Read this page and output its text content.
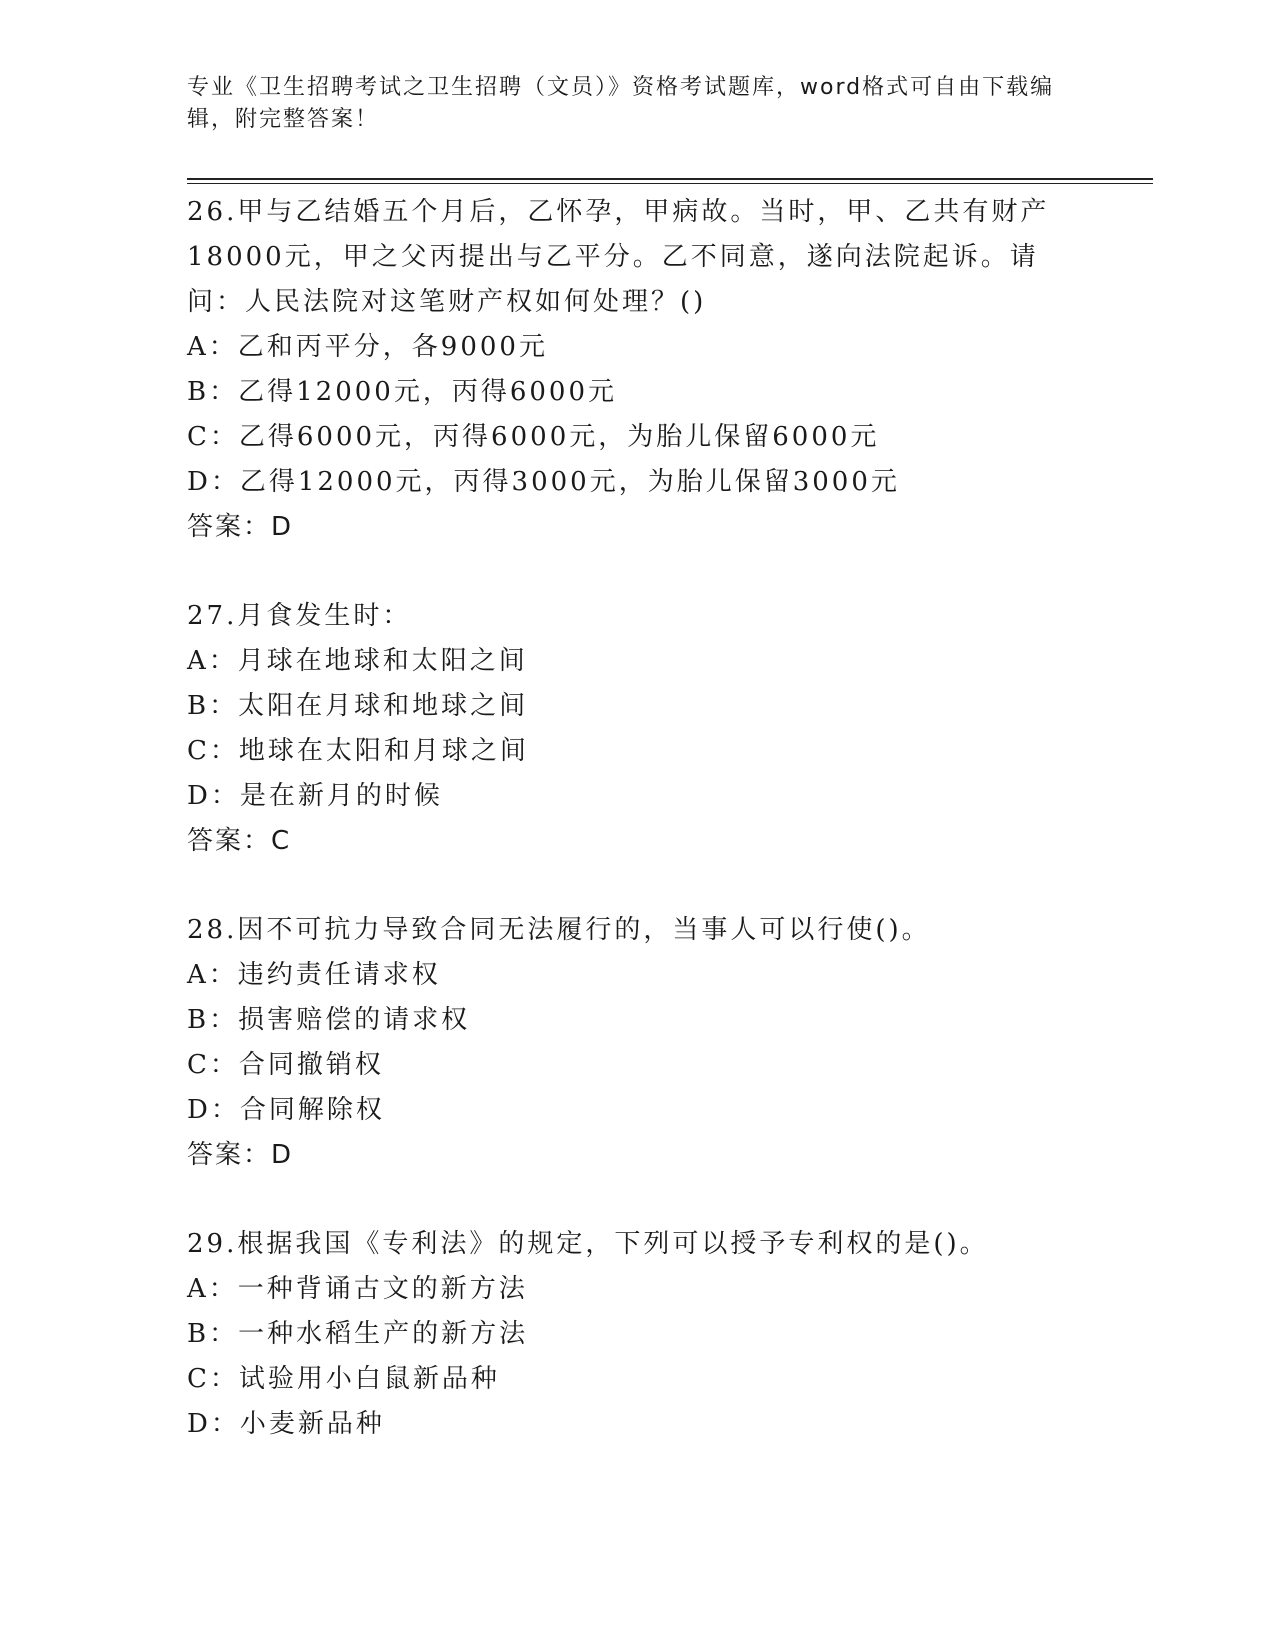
专业《卫生招聘考试之卫生招聘（文员）》资格考试题库，word格式可自由下载编辑，附完整答案！
26.甲与乙结婚五个月后，乙怀孕，甲病故。当时，甲、乙共有财产18000元，甲之父丙提出与乙平分。乙不同意，遂向法院起诉。请问：人民法院对这笔财产权如何处理？()
A：乙和丙平分，各9000元
B：乙得12000元，丙得6000元
C：乙得6000元，丙得6000元，为胎儿保留6000元
D：乙得12000元，丙得3000元，为胎儿保留3000元
答案：D
27.月食发生时：
A：月球在地球和太阳之间
B：太阳在月球和地球之间
C：地球在太阳和月球之间
D：是在新月的时候
答案：C
28.因不可抗力导致合同无法履行的，当事人可以行使()。
A：违约责任请求权
B：损害赔偿的请求权
C：合同撤销权
D：合同解除权
答案：D
29.根据我国《专利法》的规定，下列可以授予专利权的是()。
A：一种背诵古文的新方法
B：一种水稻生产的新方法
C：试验用小白鼠新品种
D：小麦新品种
